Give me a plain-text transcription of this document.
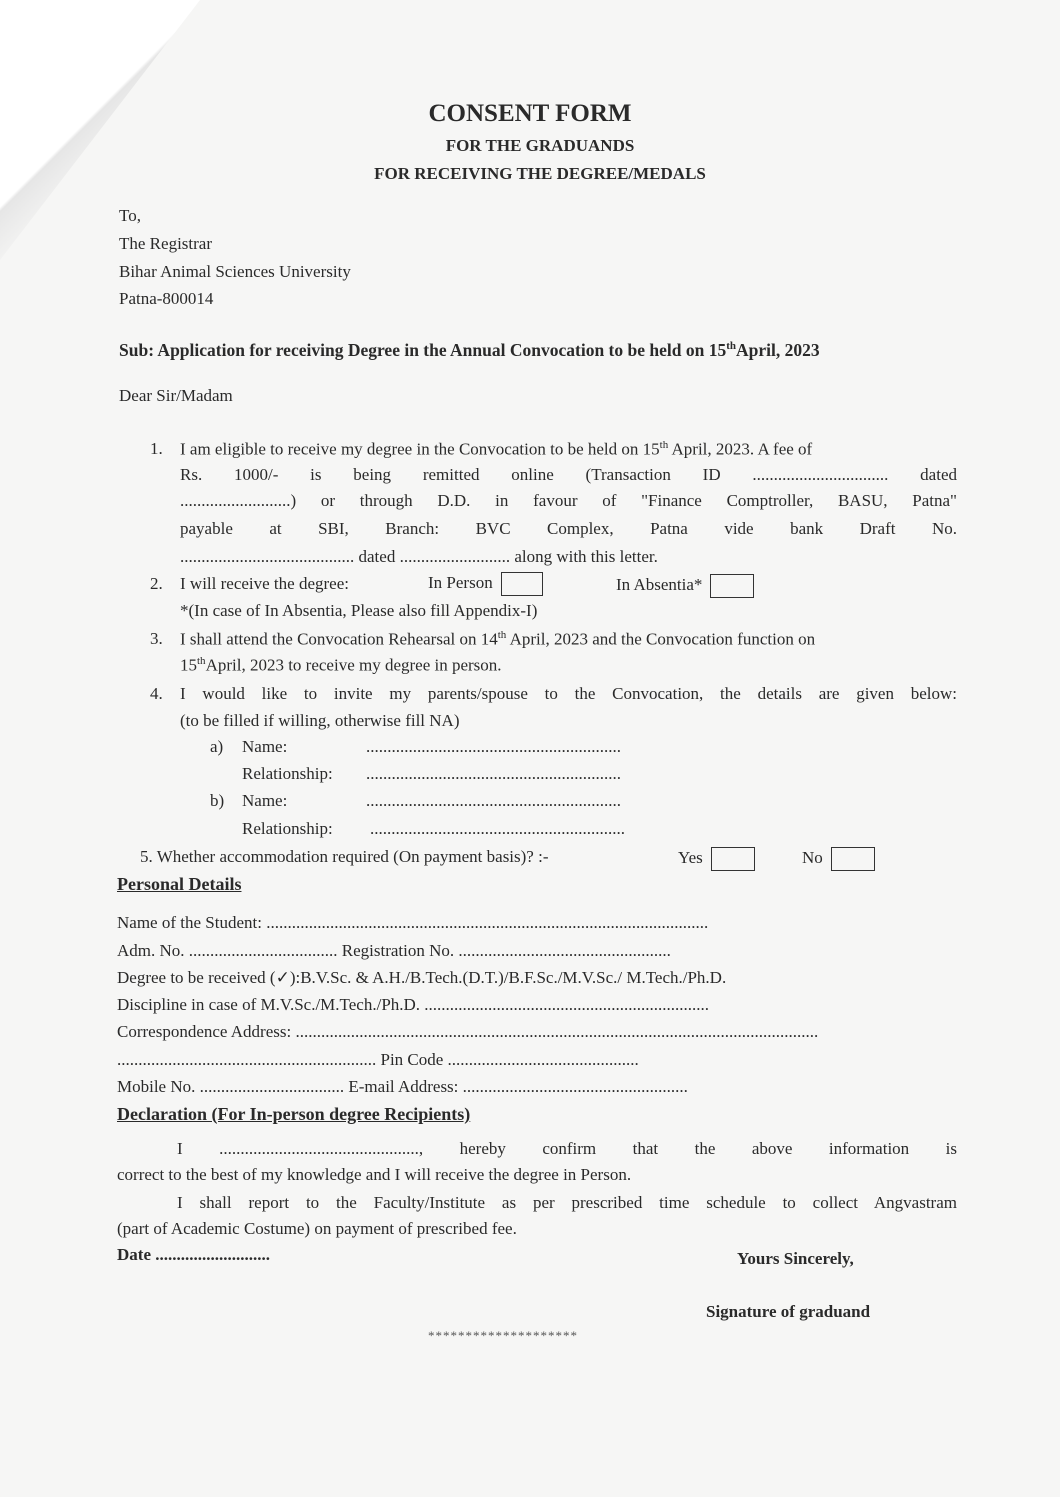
CONSENT FORM
FOR THE GRADUANDS
FOR RECEIVING THE DEGREE/MEDALS
To,
The Registrar
Bihar Animal Sciences University
Patna-800014
Sub: Application for receiving Degree in the Annual Convocation to be held on 15thApril, 2023
Dear Sir/Madam
1. I am eligible to receive my degree in the Convocation to be held on 15th April, 2023. A fee of
Rs. 1000/- is being remitted online (Transaction ID ................................ dated
..........................) or through D.D. in favour of "Finance Comptroller, BASU, Patna"
payable at SBI, Branch: BVC Complex, Patna vide bank Draft No.
......................................... dated .......................... along with this letter.
2. I will receive the degree:	In Person	In Absentia*
*(In case of In Absentia, Please also fill Appendix-I)
3. I shall attend the Convocation Rehearsal on 14th April, 2023 and the Convocation function on
15thApril, 2023 to receive my degree in person.
4. I would like to invite my parents/spouse to the Convocation, the details are given below:
(to be filled if willing, otherwise fill NA)
a) Name:	............................................................
Relationship: ............................................................
b) Name:	............................................................
Relationship: ............................................................
5. Whether accommodation required (On payment basis)? :-	Yes	No
Personal Details
Name of the Student: ........................................................................................................
Adm. No. ................................... Registration No. ..................................................
Degree to be received (✓):B.V.Sc. & A.H./B.Tech.(D.T.)/B.F.Sc./M.V.Sc./ M.Tech./Ph.D.
Discipline in case of M.V.Sc./M.Tech./Ph.D. ...................................................................
Correspondence Address: ...........................................................................................................................
............................................................. Pin Code .............................................
Mobile No. .................................. E-mail Address: .....................................................
Declaration (For In-person degree Recipients)
I ..............................................., hereby confirm that the above information is
correct to the best of my knowledge and I will receive the degree in Person.
I shall report to the Faculty/Institute as per prescribed time schedule to collect Angvastram
(part of Academic Costume) on payment of prescribed fee.
Date ...........................	Yours Sincerely,
Signature of graduand
********************
